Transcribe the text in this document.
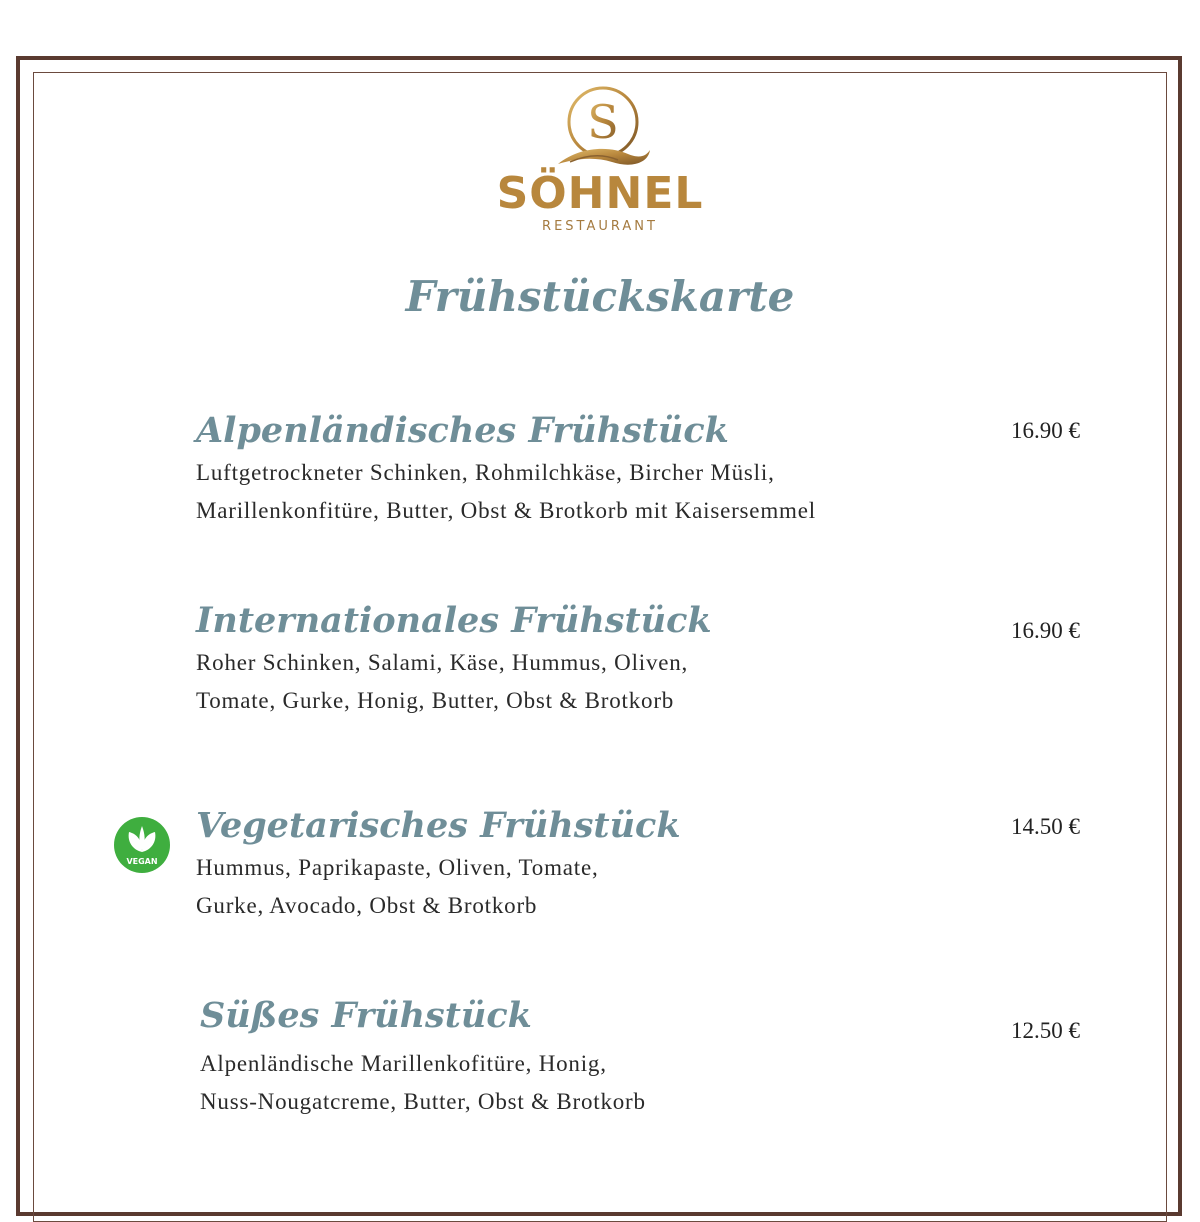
S
SÖHNEL
RESTAURANT
Frühstückskarte
Alpenländisches Frühstück
Luftgetrockneter Schinken, Rohmilchkäse, Bircher Müsli,
Marillenkonfitüre, Butter, Obst & Brotkorb mit Kaisersemmel
16.90 €
Internationales Frühstück
Roher Schinken, Salami, Käse, Hummus, Oliven,
Tomate, Gurke, Honig, Butter, Obst & Brotkorb
16.90 €
VEGAN
Vegetarisches Frühstück
Hummus, Paprikapaste, Oliven, Tomate,
Gurke, Avocado, Obst & Brotkorb
14.50 €
Süßes Frühstück
Alpenländische Marillenkofitüre, Honig,
Nuss-Nougatcreme, Butter, Obst & Brotkorb
12.50 €
